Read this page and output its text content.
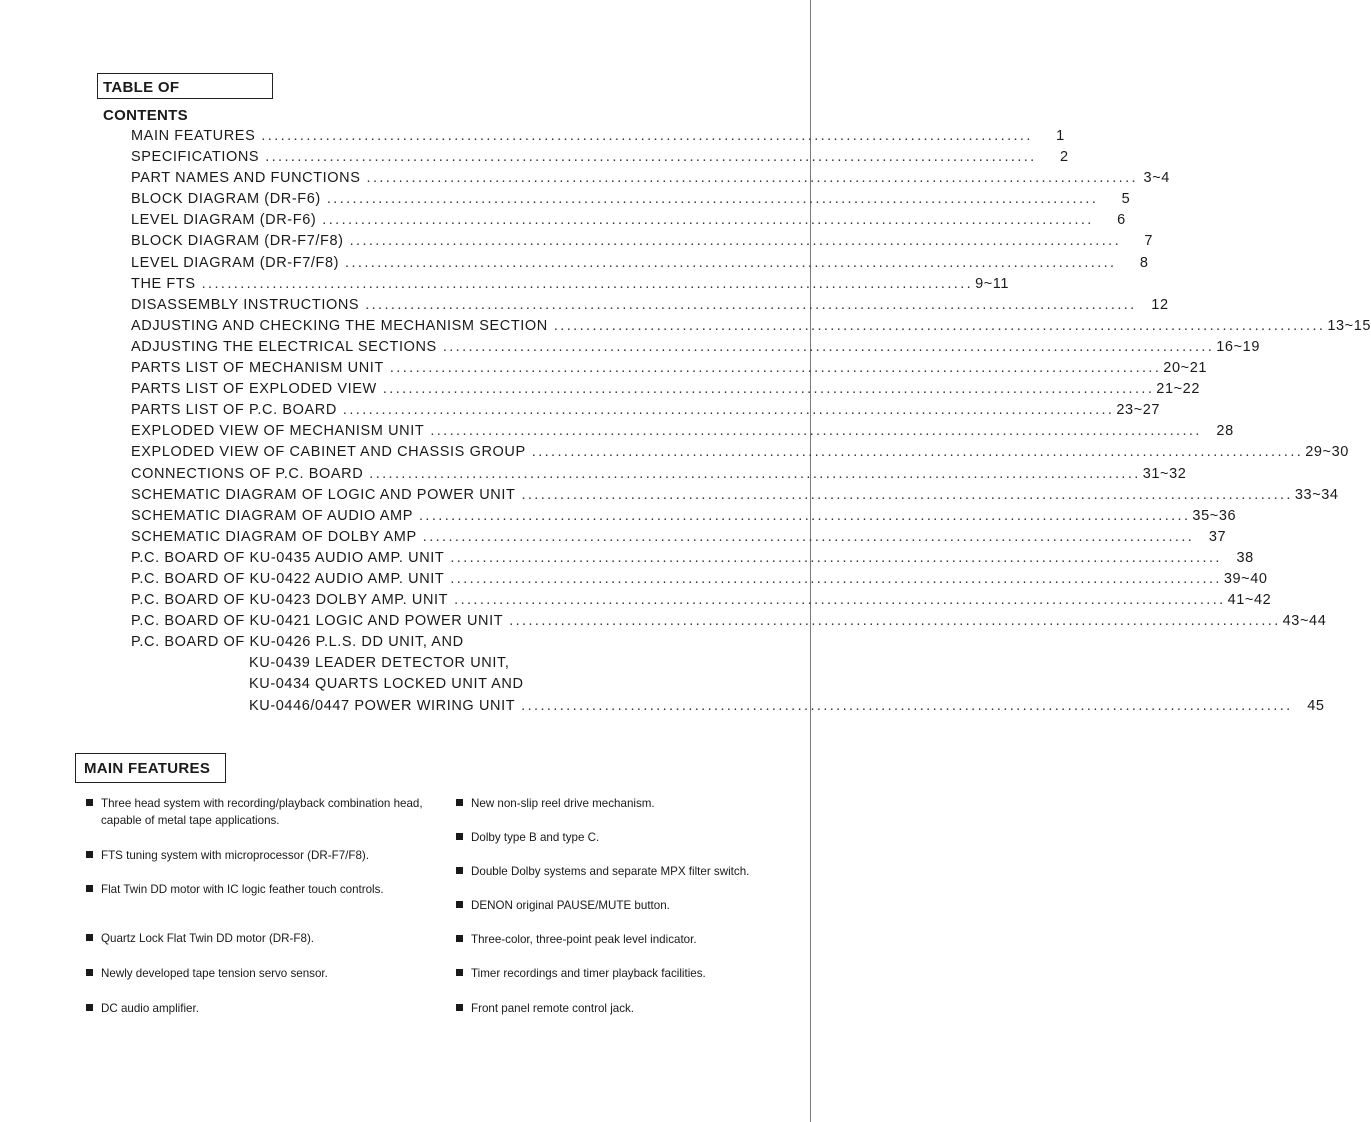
TABLE OF CONTENTS
MAIN FEATURES ........................................................................................................................	1
SPECIFICATIONS ........................................................................................................................	2
PART NAMES AND FUNCTIONS ........................................................................................................................ 3~4
BLOCK DIAGRAM (DR-F6) ........................................................................................................................	5
LEVEL DIAGRAM (DR-F6) ........................................................................................................................	6
BLOCK DIAGRAM (DR-F7/F8) ........................................................................................................................	7
LEVEL DIAGRAM (DR-F7/F8) ........................................................................................................................	8
THE FTS ........................................................................................................................ 9~11
DISASSEMBLY INSTRUCTIONS ........................................................................................................................	12
ADJUSTING AND CHECKING THE MECHANISM SECTION ........................................................................................................................ 13~15
ADJUSTING THE ELECTRICAL SECTIONS ........................................................................................................................ 16~19
PARTS LIST OF MECHANISM UNIT ........................................................................................................................ 20~21
PARTS LIST OF EXPLODED VIEW ........................................................................................................................ 21~22
PARTS LIST OF P.C. BOARD ........................................................................................................................ 23~27
EXPLODED VIEW OF MECHANISM UNIT ........................................................................................................................	28
EXPLODED VIEW OF CABINET AND CHASSIS GROUP ........................................................................................................................ 29~30
CONNECTIONS OF P.C. BOARD ........................................................................................................................ 31~32
SCHEMATIC DIAGRAM OF LOGIC AND POWER UNIT ........................................................................................................................ 33~34
SCHEMATIC DIAGRAM OF AUDIO AMP ........................................................................................................................ 35~36
SCHEMATIC DIAGRAM OF DOLBY AMP ........................................................................................................................	37
P.C. BOARD OF KU-0435 AUDIO AMP. UNIT ........................................................................................................................	38
P.C. BOARD OF KU-0422 AUDIO AMP. UNIT ........................................................................................................................ 39~40
P.C. BOARD OF KU-0423 DOLBY AMP. UNIT ........................................................................................................................ 41~42
P.C. BOARD OF KU-0421 LOGIC AND POWER UNIT ........................................................................................................................ 43~44
P.C. BOARD OF KU-0426 P.L.S. DD UNIT, AND
KU-0439 LEADER DETECTOR UNIT,
KU-0434 QUARTS LOCKED UNIT AND
KU-0446/0447 POWER WIRING UNIT ........................................................................................................................	45
MAIN FEATURES
Three head system with recording/playback combination head, capable of metal tape applications.
FTS tuning system with microprocessor (DR-F7/F8).
Flat Twin DD motor with IC logic feather touch controls.
Quartz Lock Flat Twin DD motor (DR-F8).
Newly developed tape tension servo sensor.
DC audio amplifier.
New non-slip reel drive mechanism.
Dolby type B and type C.
Double Dolby systems and separate MPX filter switch.
DENON original PAUSE/MUTE button.
Three-color, three-point peak level indicator.
Timer recordings and timer playback facilities.
Front panel remote control jack.
